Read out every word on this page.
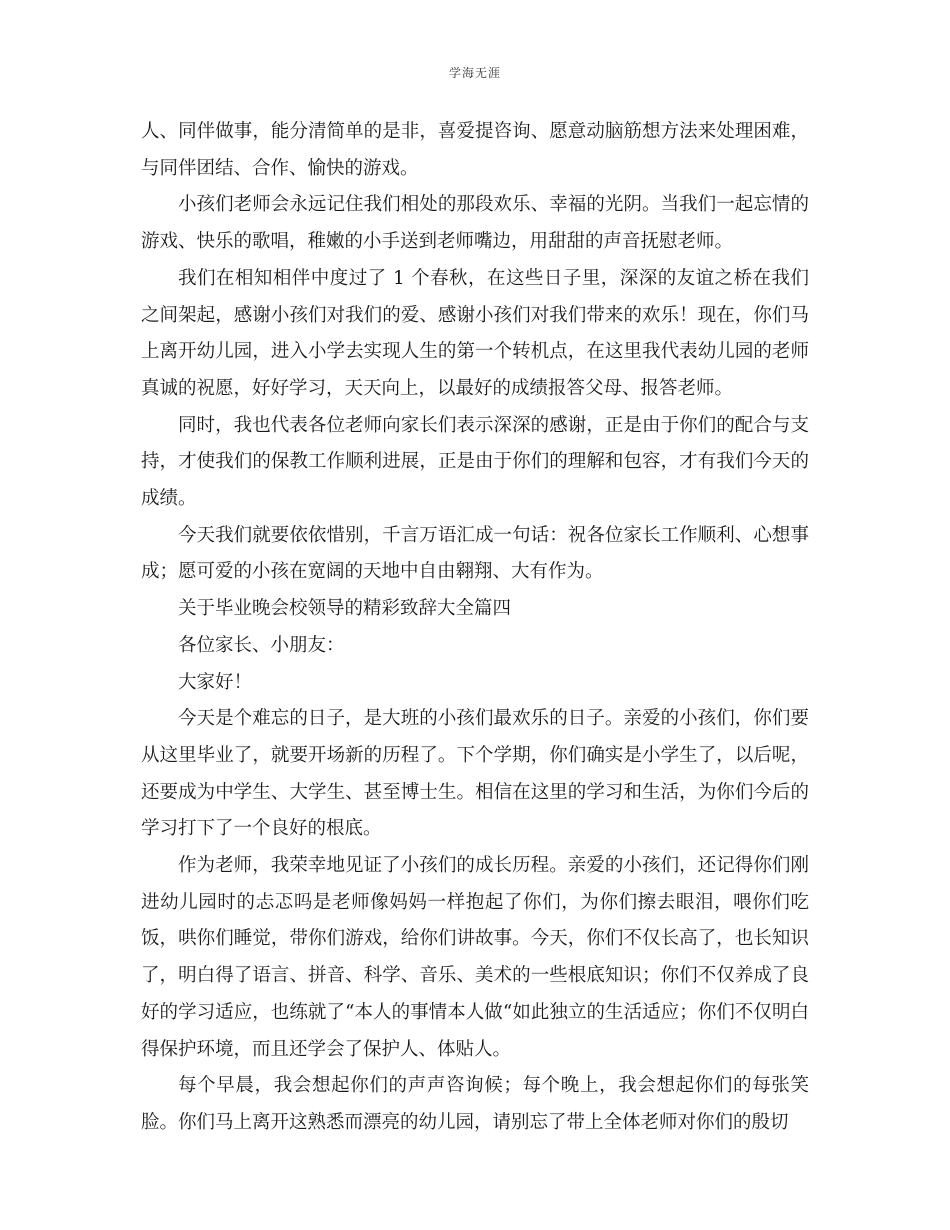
学海无涯

人、同伴做事，能分清简单的是非，喜爱提咨询、愿意动脑筋想方法来处理困难，与同伴团结、合作、愉快的游戏。

小孩们老师会永远记住我们相处的那段欢乐、幸福的光阴。当我们一起忘情的游戏、快乐的歌唱，稚嫩的小手送到老师嘴边，用甜甜的声音抚慰老师。

我们在相知相伴中度过了 1 个春秋，在这些日子里，深深的友谊之桥在我们之间架起，感谢小孩们对我们的爱、感谢小孩们对我们带来的欢乐！现在，你们马上离开幼儿园，进入小学去实现人生的第一个转机点，在这里我代表幼儿园的老师真诚的祝愿，好好学习，天天向上，以最好的成绩报答父母、报答老师。

同时，我也代表各位老师向家长们表示深深的感谢，正是由于你们的配合与支持，才使我们的保教工作顺利进展，正是由于你们的理解和包容，才有我们今天的成绩。

今天我们就要依依惜别，千言万语汇成一句话：祝各位家长工作顺利、心想事成；愿可爱的小孩在宽阔的天地中自由翱翔、大有作为。

关于毕业晚会校领导的精彩致辞大全篇四

各位家长、小朋友：

大家好！

今天是个难忘的日子，是大班的小孩们最欢乐的日子。亲爱的小孩们，你们要从这里毕业了，就要开场新的历程了。下个学期，你们确实是小学生了，以后呢，还要成为中学生、大学生、甚至博士生。相信在这里的学习和生活，为你们今后的学习打下了一个良好的根底。

作为老师，我荣幸地见证了小孩们的成长历程。亲爱的小孩们，还记得你们刚进幼儿园时的忐忑吗是老师像妈妈一样抱起了你们，为你们擦去眼泪，喂你们吃饭，哄你们睡觉，带你们游戏，给你们讲故事。今天，你们不仅长高了，也长知识了，明白得了语言、拼音、科学、音乐、美术的一些根底知识；你们不仅养成了良好的学习适应，也练就了“本人的事情本人做“如此独立的生活适应；你们不仅明白得保护环境，而且还学会了保护人、体贴人。

每个早晨，我会想起你们的声声咨询候；每个晚上，我会想起你们的每张笑脸。你们马上离开这熟悉而漂亮的幼儿园，请别忘了带上全体老师对你们的殷切
